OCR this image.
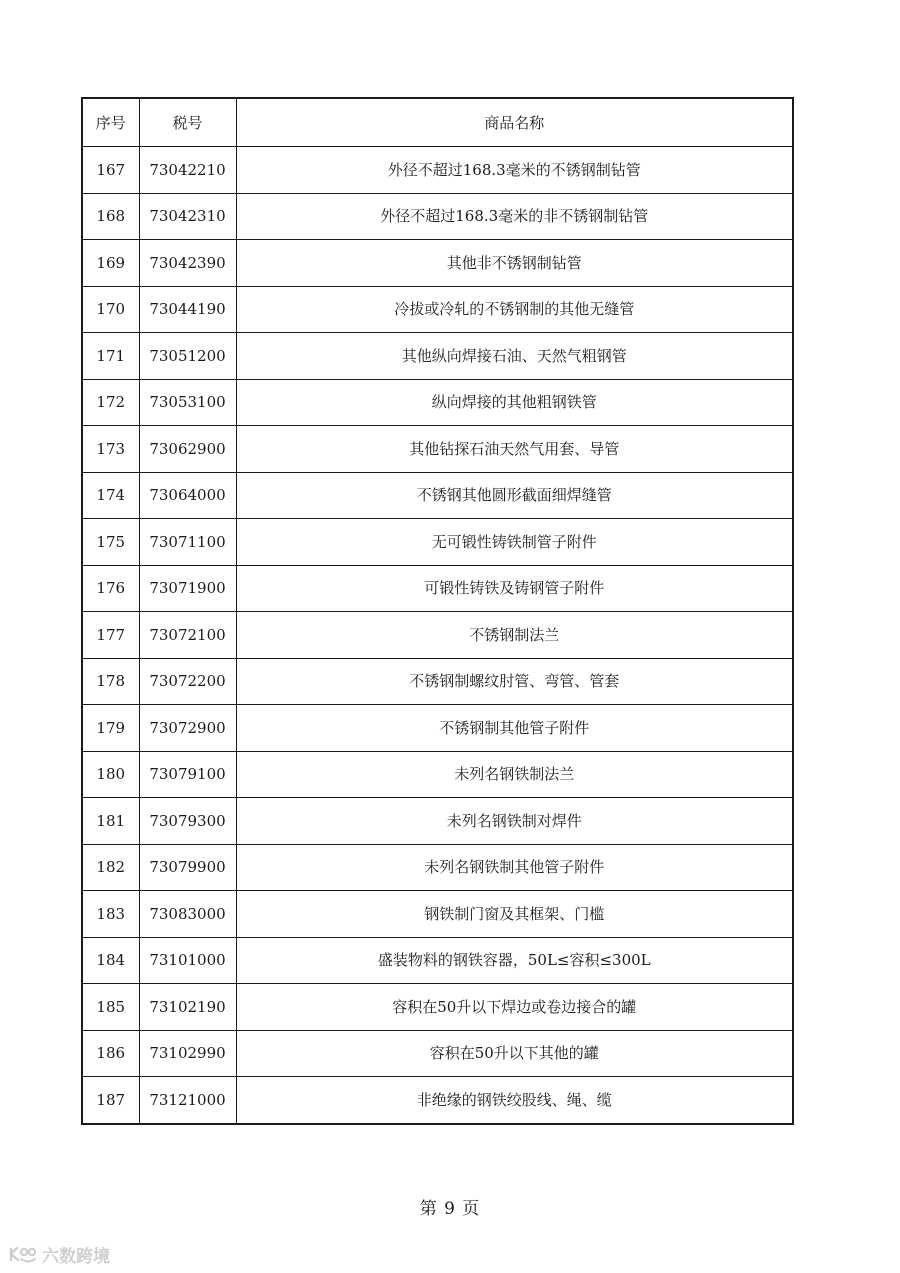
序号	税号	商品名称
167	73042210	外径不超过168.3毫米的不锈钢制钻管
168	73042310	外径不超过168.3毫米的非不锈钢制钻管
169	73042390	其他非不锈钢制钻管
170	73044190	冷拔或冷轧的不锈钢制的其他无缝管
171	73051200	其他纵向焊接石油、天然气粗钢管
172	73053100	纵向焊接的其他粗钢铁管
173	73062900	其他钻探石油天然气用套、导管
174	73064000	不锈钢其他圆形截面细焊缝管
175	73071100	无可锻性铸铁制管子附件
176	73071900	可锻性铸铁及铸钢管子附件
177	73072100	不锈钢制法兰
178	73072200	不锈钢制螺纹肘管、弯管、管套
179	73072900	不锈钢制其他管子附件
180	73079100	未列名钢铁制法兰
181	73079300	未列名钢铁制对焊件
182	73079900	未列名钢铁制其他管子附件
183	73083000	钢铁制门窗及其框架、门槛
184	73101000	盛装物料的钢铁容器，50L≤容积≤300L
185	73102190	容积在50升以下焊边或卷边接合的罐
186	73102990	容积在50升以下其他的罐
187	73121000	非绝缘的钢铁绞股线、绳、缆
第 9 页
六数跨境
